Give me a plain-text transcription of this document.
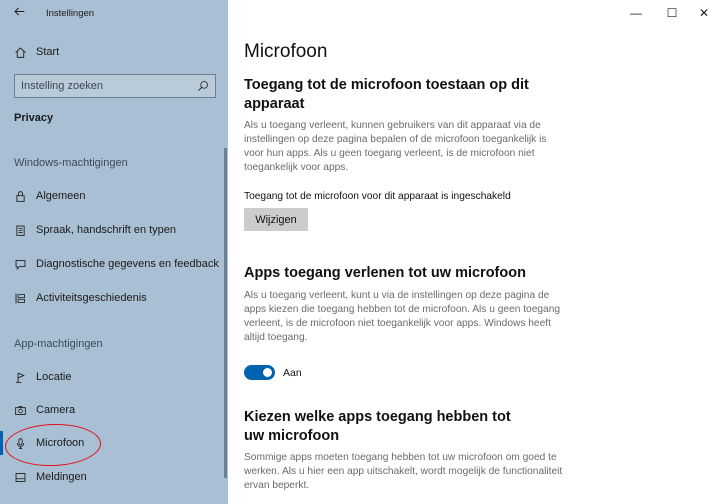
Instellingen
Start
Instelling zoeken
Privacy
Windows-machtigingen
Algemeen
Spraak, handschrift en typen
Diagnostische gegevens en feedback
Activiteitsgeschiedenis
App-machtigingen
Locatie
Camera
Microfoon
Meldingen
—	☐	✕
Microfoon
Toegang tot de microfoon toestaan op dit apparaat

Als u toegang verleent, kunnen gebruikers van dit apparaat via de instellingen op deze pagina bepalen of de microfoon toegankelijk is voor hun apps. Als u geen toegang verleent, is de microfoon niet toegankelijk voor apps.

Toegang tot de microfoon voor dit apparaat is ingeschakeld
Wijzigen
Apps toegang verlenen tot uw microfoon

Als u toegang verleent, kunt u via de instellingen op deze pagina de apps kiezen die toegang hebben tot de microfoon. Als u geen toegang verleent, is de microfoon niet toegankelijk voor apps. Windows heeft altijd toegang.

Aan
Kiezen welke apps toegang hebben tot uw microfoon

Sommige apps moeten toegang hebben tot uw microfoon om goed te werken. Als u hier een app uitschakelt, wordt mogelijk de functionaliteit ervan beperkt.
